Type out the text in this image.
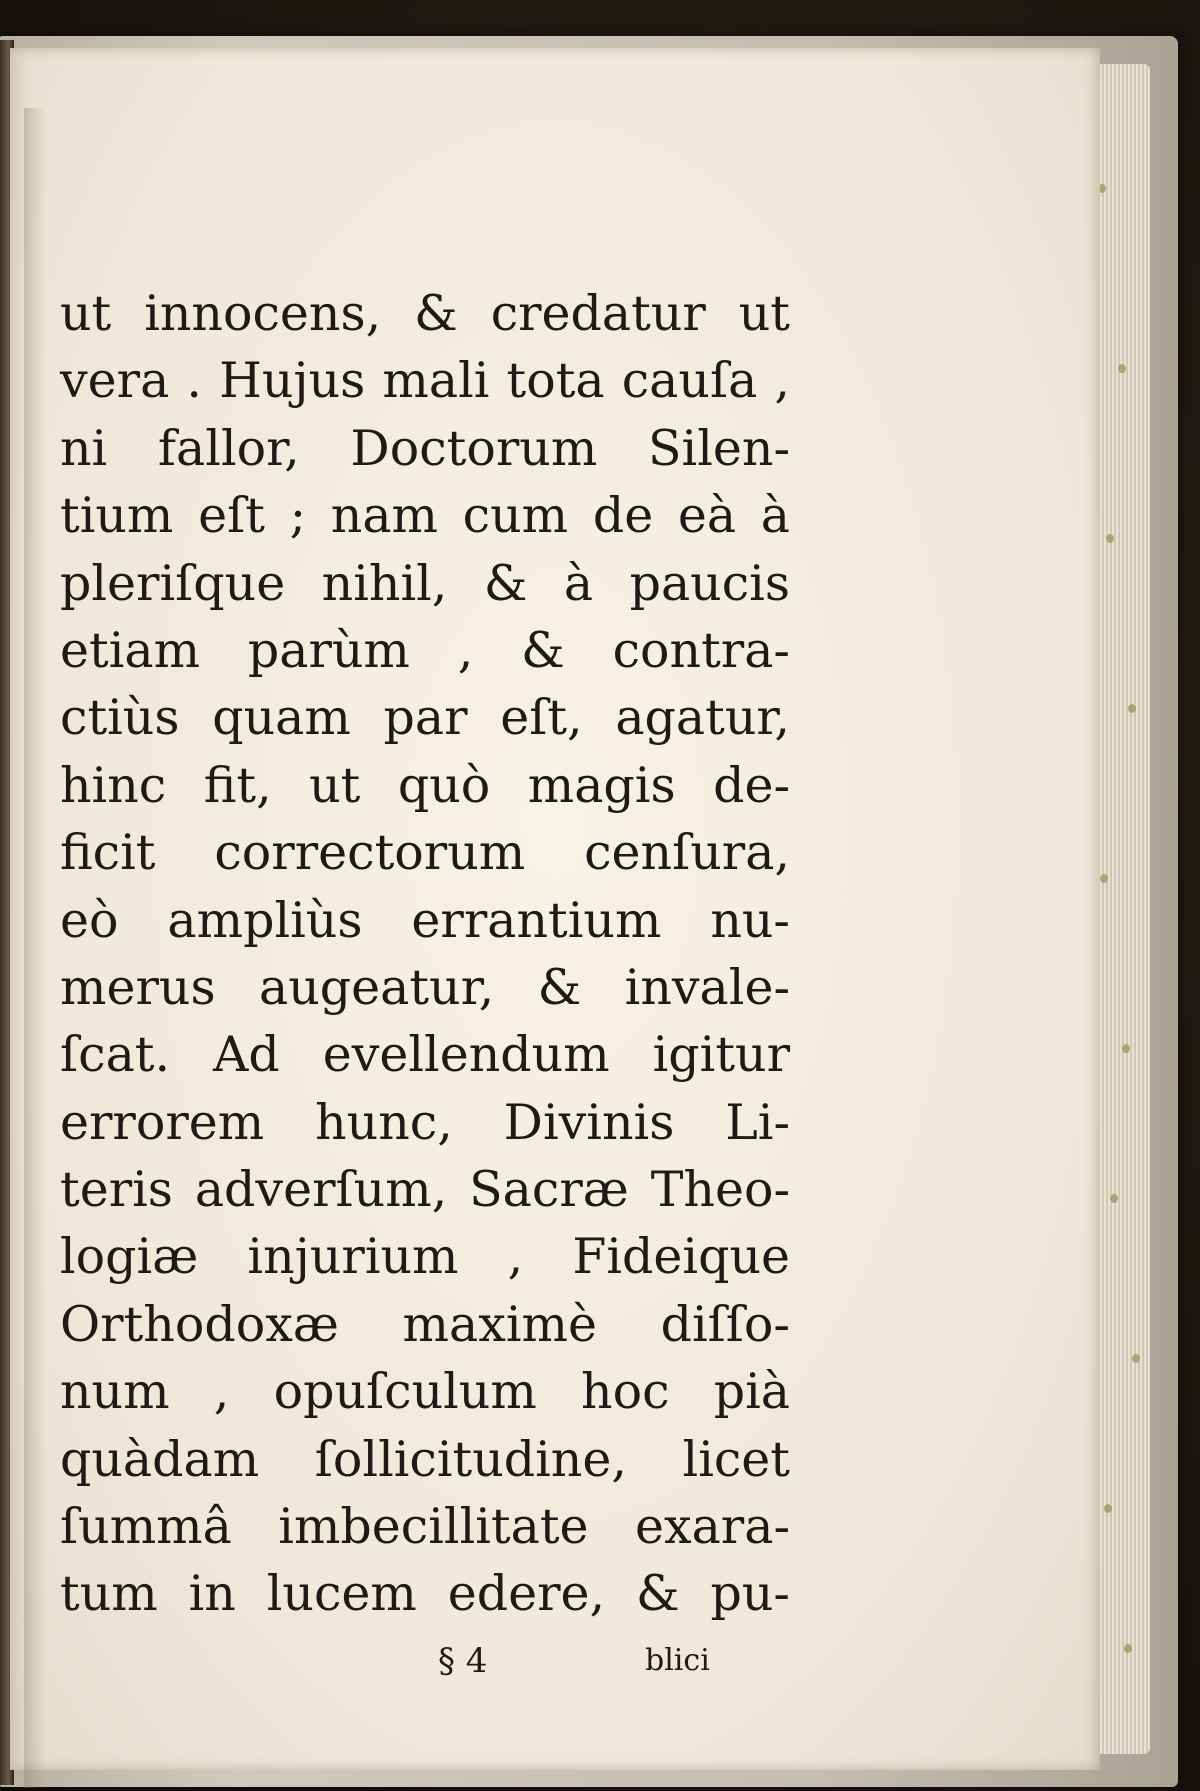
ut innocens, & credatur ut
vera . Hujus mali tota cauſa ,
ni fallor, Doctorum Silen-
tium eſt ; nam cum de eà à
pleriſque nihil, & à paucis
etiam parùm , & contra-
ctiùs quam par eſt, agatur,
hinc fit, ut quò magis de-
ficit correctorum cenſura,
eò ampliùs errantium nu-
merus augeatur, & invale-
ſcat. Ad evellendum igitur
errorem hunc, Divinis Li-
teris adverſum, Sacræ Theo-
logiæ injurium , Fideique
Orthodoxæ maximè diſſo-
num , opuſculum hoc pià
quàdam ſollicitudine, licet
ſummâ imbecillitate exara-
tum in lucem edere, & pu-
§ 4	blici
